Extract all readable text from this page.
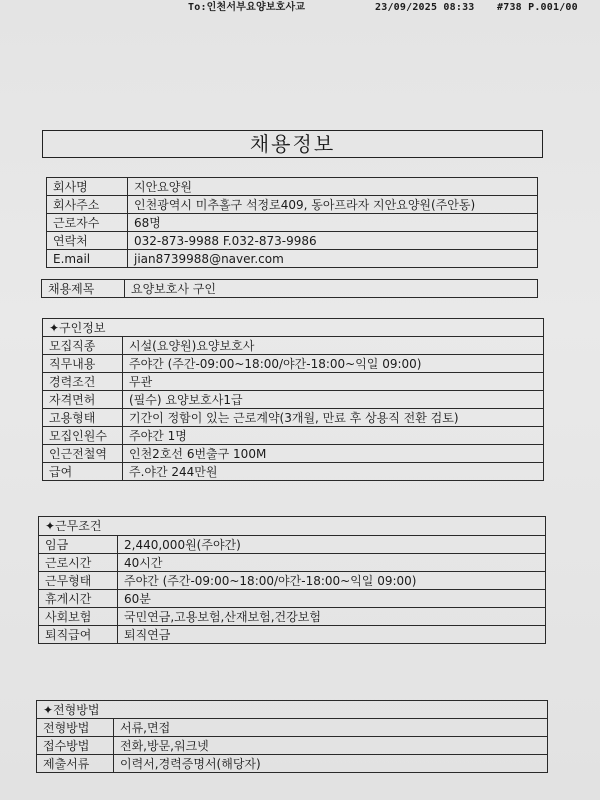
To:인천서부요양보호사교	23/09/2025 08:33 #738 P.001/00
채용정보
회사명	지안요양원
회사주소	인천광역시 미추홀구 석정로409, 동아프라자 지안요양원(주안동)
근로자수	68명
연락처	032-873-9988 F.032-873-9986
E.mail	jian8739988@naver.com
채용제목	요양보호사 구인
✦구인정보	
모집직종	시설(요양원)요양보호사
직무내용	주야간 (주간-09:00~18:00/야간-18:00~익일 09:00)
경력조건	무관
자격면허	(필수) 요양보호사1급
고용형태	기간이 정함이 있는 근로계약(3개월, 만료 후 상용직 전환 검토)
모집인원수	주야간 1명
인근전철역	인천2호선 6번출구 100M
급여	주.야간 244만원
✦근무조건	
임금	2,440,000원(주야간)
근로시간	40시간
근무형태	주야간 (주간-09:00~18:00/야간-18:00~익일 09:00)
휴게시간	60분
사회보험	국민연금,고용보험,산재보험,건강보험
퇴직급여	퇴직연금
✦전형방법	
전형방법	서류,면접
접수방법	전화,방문,워크넷
제출서류	이력서,경력증명서(해당자)
